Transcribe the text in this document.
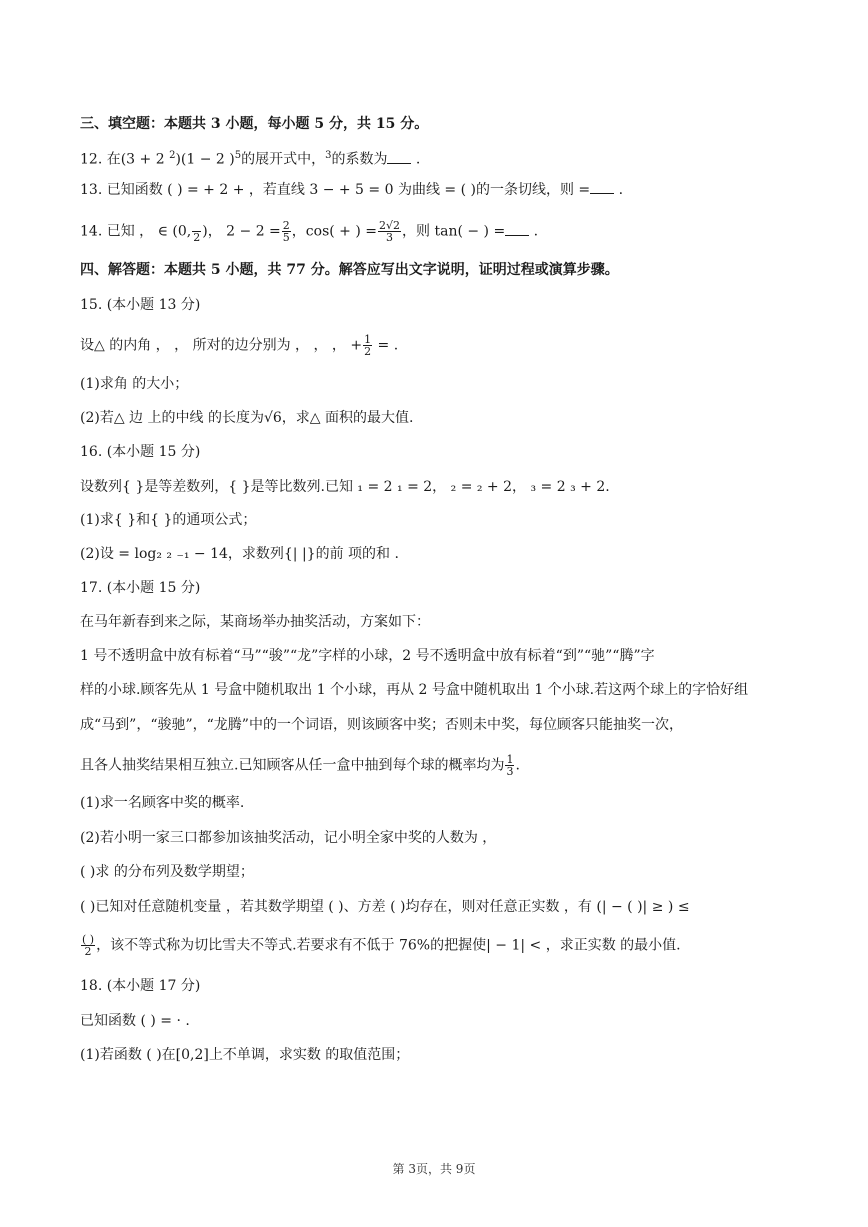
三、填空题：本题共 3 小题，每小题 5 分，共 15 分。
12. 在(3 + 2 $^2$)(1 − 2 )$^5$的展开式中，$^3$的系数为 .
13. 已知函数 ( ) = + 2 + ，若直线 3 − + 5 = 0 为曲线 = ( )的一条切线，则 = .
14. 已知 ， ∈ (0,
2 )， $2 - 2 = \frac{2}{5}$ ，cos( + ) = $\frac{2√2}{3}$ ，则 tan( − ) = .
四、解答题：本题共 5 小题，共 77 分。解答应写出文字说明，证明过程或演算步骤。
15. (本小题 13 分)
设△ 的内角 ， ， 所对的边分别为 ， ， ， + $\frac{1}{2}$ = .
(1)求角 的大小；
(2)若△ 边 上的中线 的长度为√6，求△ 面积的最大值.
16. (本小题 15 分)
设数列{ }是等差数列，{ }是等比数列.已知 ₁ = 2 ₁ = 2， ₂ = ₂ + 2， ₃ = 2 ₃ + 2.
(1)求{ }和{ }的通项公式；
(2)设 = log₂ ₂ ₋₁ − 14，求数列{| |}的前 项的和 .
17. (本小题 15 分)
在马年新春到来之际，某商场举办抽奖活动，方案如下：
1 号不透明盒中放有标着“马”“骏”“龙”字样的小球，2 号不透明盒中放有标着“到”“驰”“腾”字
样的小球.顾客先从 1 号盒中随机取出 1 个小球，再从 2 号盒中随机取出 1 个小球.若这两个球上的字恰好组
成“马到”，“骏驰”，“龙腾”中的一个词语，则该顾客中奖；否则未中奖，每位顾客只能抽奖一次，
且各人抽奖结果相互独立.已知顾客从任一盒中抽到每个球的概率均为 $\frac{1}{3}$ .
(1)求一名顾客中奖的概率.
(2)若小明一家三口都参加该抽奖活动，记小明全家中奖的人数为 ，
( )求 的分布列及数学期望；
( )已知对任意随机变量 ，若其数学期望 ( )、方差 ( )均存在，则对任意正实数 ，有 (| − ( )| ≥ ) ≤
$\frac{( )}{2}$ ，该不等式称为切比雪夫不等式.若要求有不低于 76%的把握使| − 1| < ，求正实数 的最小值.
18. (本小题 17 分)
已知函数 ( ) = · .
(1)若函数 ( )在[0,2]上不单调，求实数 的取值范围；
第 3页，共 9页
